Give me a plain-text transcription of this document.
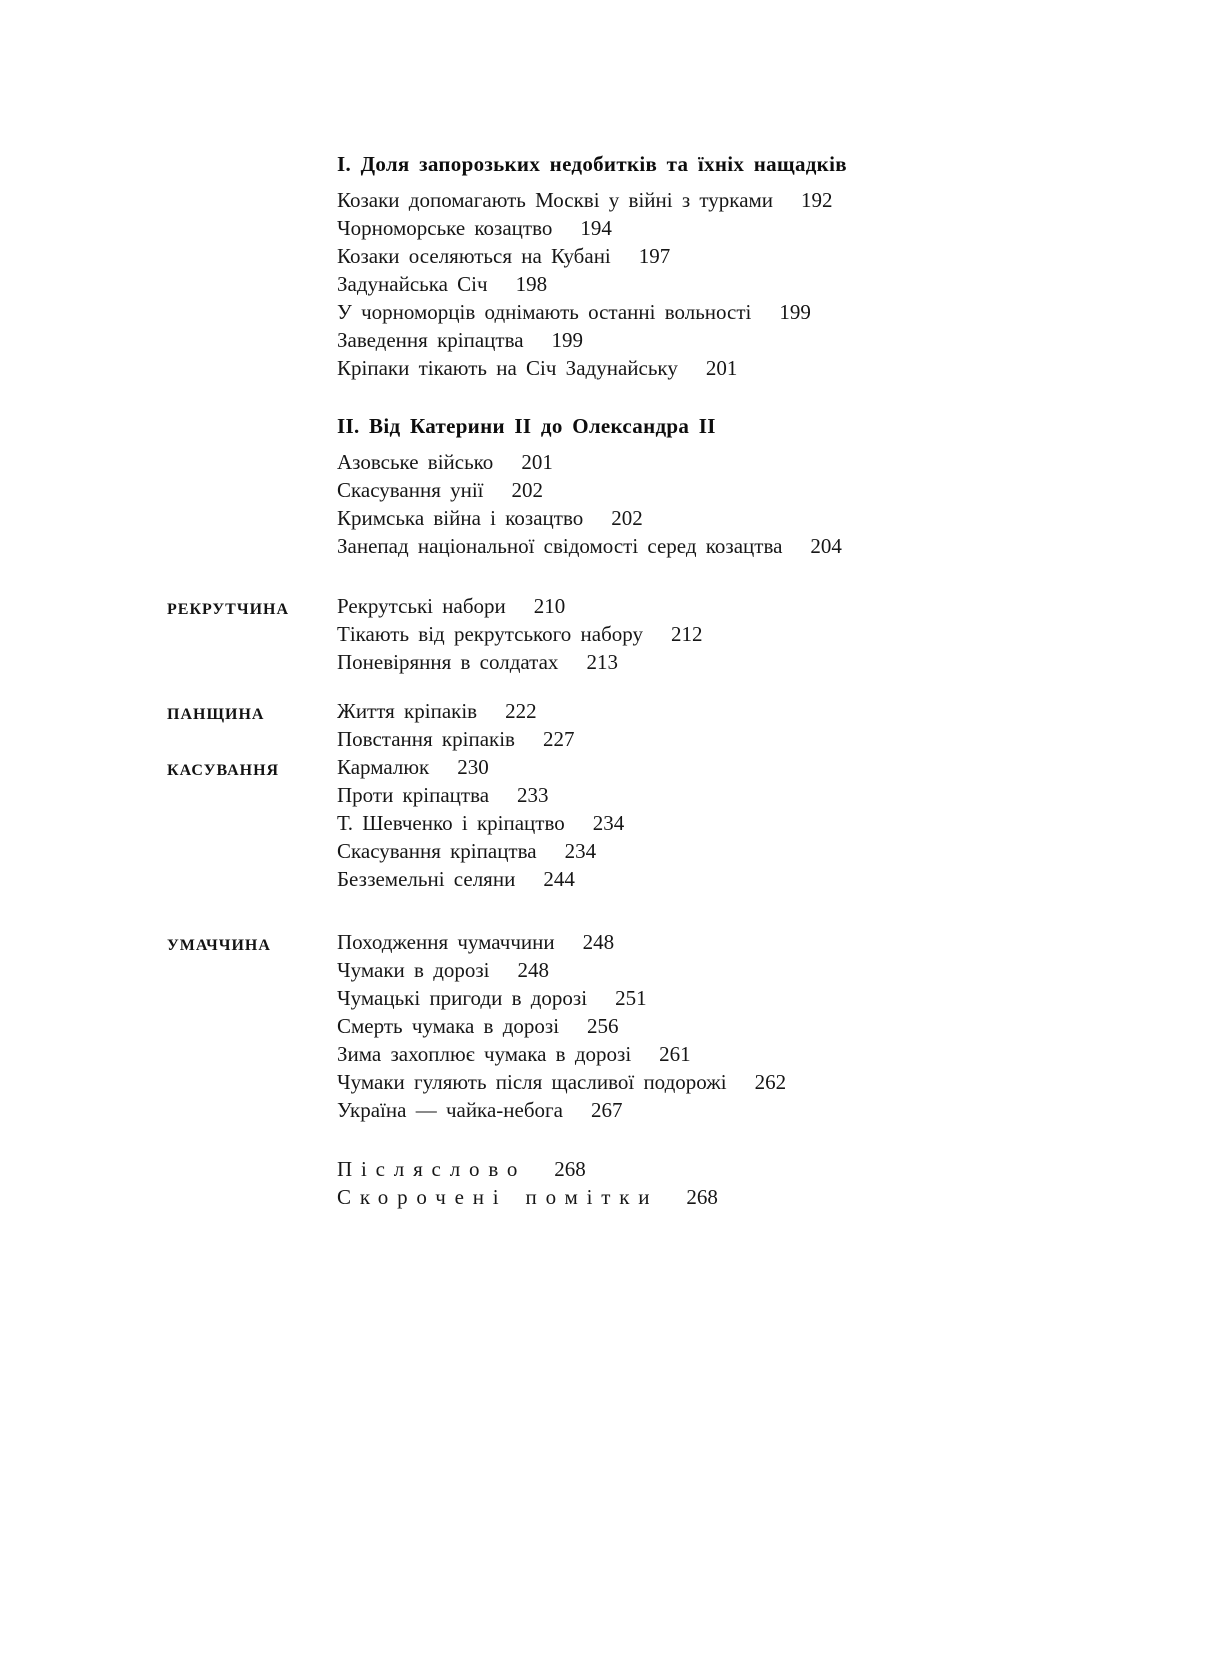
І. Доля запорозьких недобитків та їхніх нащадків
Козаки допомагають Москві у війні з турками 192
Чорноморське козацтво 194
Козаки оселяються на Кубані 197
Задунайська Січ 198
У чорноморців однімають останні вольності 199
Заведення кріпацтва 199
Кріпаки тікають на Січ Задунайську 201
ІІ. Від Катерини ІІ до Олександра ІІ
Азовське військо 201
Скасування унії 202
Кримська війна і козацтво 202
Занепад національної свідомості серед козацтва 204
РЕКРУТЧИНА Рекрутські набори 210
Тікають від рекрутського набору 212
Поневіряння в солдатах 213
ПАНЩИНА	Життя кріпаків 222
Повстання кріпаків 227
КАСУВАННЯ	Кармалюк 230
Проти кріпацтва 233
Т. Шевченко і кріпацтво 234
Скасування кріпацтва 234
Безземельні селяни 244
УМАЧЧИНА	Походження чумаччини 248
Чумаки в дорозі 248
Чумацькі пригоди в дорозі 251
Смерть чумака в дорозі 256
Зима захоплює чумака в дорозі 261
Чумаки гуляють після щасливої подорожі 262
Україна — чайка-небога 267
Післяслово 268
Скорочені помітки 268
